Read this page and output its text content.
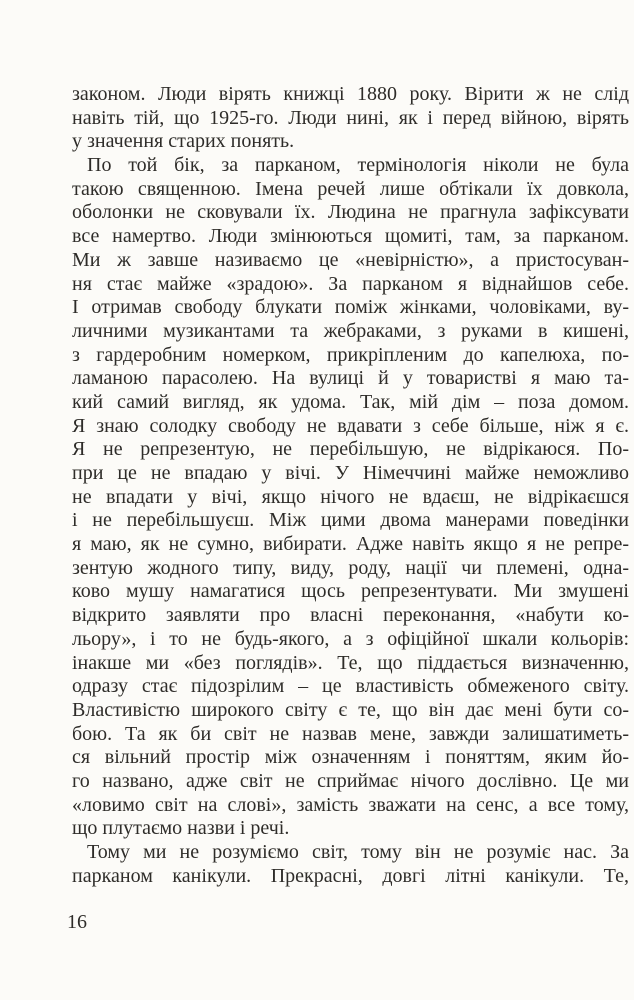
законом. Люди вірять книжці 1880 року. Вірити ж не слід
навіть тій, що 1925-го. Люди нині, як і перед війною, вірять
у значення старих понять.
По той бік, за парканом, термінологія ніколи не була
такою священною. Імена речей лише обтікали їх довкола,
оболонки не сковували їх. Людина не прагнула зафіксувати
все намертво. Люди змінюються щомиті, там, за парканом.
Ми ж завше називаємо це «невірністю», а пристосуван-
ня стає майже «зрадою». За парканом я віднайшов себе.
І отримав свободу блукати поміж жінками, чоловіками, ву-
личними музикантами та жебраками, з руками в кишені,
з гардеробним номерком, прикріпленим до капелюха, по-
ламаною парасолею. На вулиці й у товаристві я маю та-
кий самий вигляд, як удома. Так, мій дім – поза домом.
Я знаю солодку свободу не вдавати з себе більше, ніж я є.
Я не репрезентую, не перебільшую, не відрікаюся. По-
при це не впадаю у вічі. У Німеччині майже неможливо
не впадати у вічі, якщо нічого не вдаєш, не відрікаєшся
і не перебільшуєш. Між цими двома манерами поведінки
я маю, як не сумно, вибирати. Адже навіть якщо я не репре-
зентую жодного типу, виду, роду, нації чи племені, одна-
ково мушу намагатися щось репрезентувати. Ми змушені
відкрито заявляти про власні переконання, «набути ко-
льору», і то не будь-якого, а з офіційної шкали кольорів:
інакше ми «без поглядів». Те, що піддається визначенню,
одразу стає підозрілим – це властивість обмеженого світу.
Властивістю широкого світу є те, що він дає мені бути со-
бою. Та як би світ не назвав мене, завжди залишатиметь-
ся вільний простір між означенням і поняттям, яким йо-
го названо, адже світ не сприймає нічого дослівно. Це ми
«ловимо світ на слові», замість зважати на сенс, а все тому,
що плутаємо назви і речі.
Тому ми не розуміємо світ, тому він не розуміє нас. За
парканом канікули. Прекрасні, довгі літні канікули. Те,
16
